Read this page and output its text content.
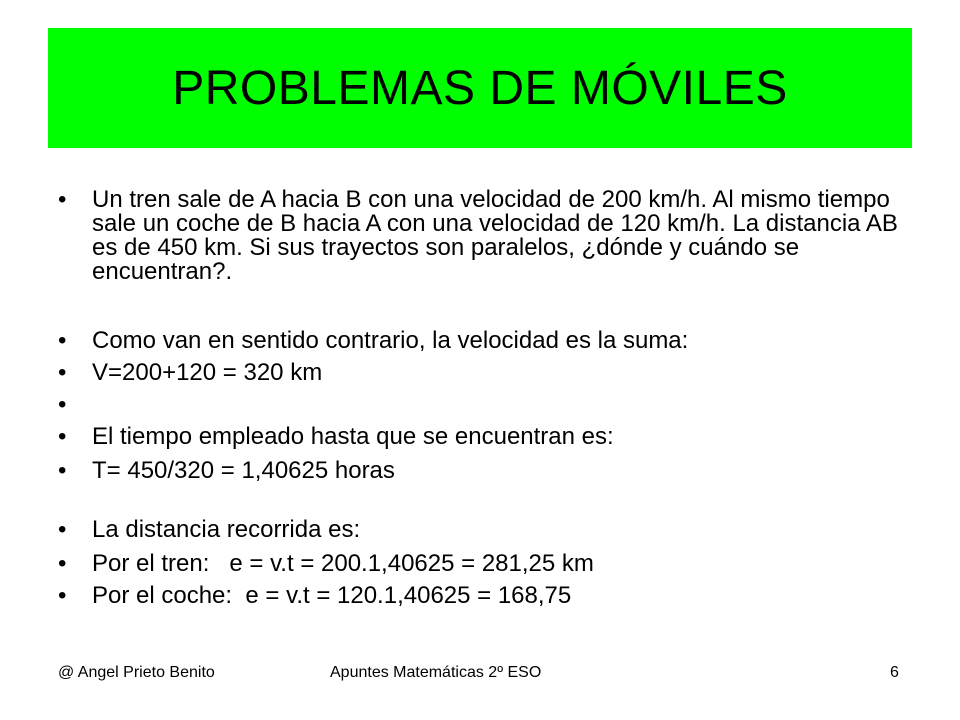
PROBLEMAS DE MÓVILES
•	Un tren sale de A hacia B con una velocidad de 200 km/h. Al mismo tiempo sale un coche de B hacia A con una velocidad de 120 km/h. La distancia AB es de 450 km. Si sus trayectos son paralelos, ¿dónde y cuándo se encuentran?.
•	Como van en sentido contrario, la velocidad es la suma:
•	V=200+120 = 320 km
•
•	El tiempo empleado hasta que se encuentran es:
•	T= 450/320 = 1,40625 horas
•	La distancia recorrida es:
•	Por el tren:   e = v.t = 200.1,40625 = 281,25 km
•	Por el coche:  e = v.t = 120.1,40625 = 168,75
@ Angel Prieto Benito	Apuntes Matemáticas 2º ESO	6
